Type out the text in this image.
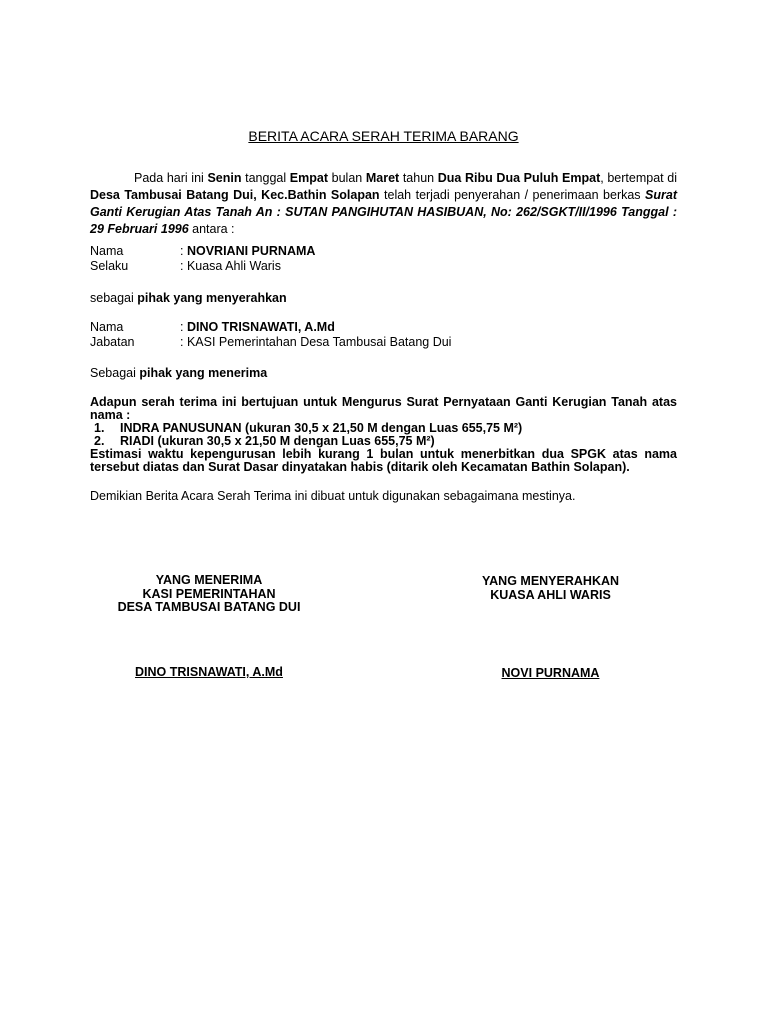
BERITA ACARA SERAH TERIMA BARANG
Pada hari ini Senin tanggal Empat bulan Maret tahun Dua Ribu Dua Puluh Empat, bertempat di Desa Tambusai Batang Dui, Kec.Bathin Solapan telah terjadi penyerahan / penerimaan berkas Surat Ganti Kerugian Atas Tanah An : SUTAN PANGIHUTAN HASIBUAN, No: 262/SGKT/II/1996 Tanggal : 29 Februari 1996 antara :
Nama	: NOVRIANI PURNAMA
Selaku	: Kuasa Ahli Waris
sebagai pihak yang menyerahkan
Nama	: DINO TRISNAWATI, A.Md
Jabatan	: KASI Pemerintahan Desa Tambusai Batang Dui
Sebagai pihak yang menerima
Adapun serah terima ini bertujuan untuk Mengurus Surat Pernyataan Ganti Kerugian Tanah atas
nama :
1. INDRA PANUSUNAN (ukuran 30,5 x 21,50 M dengan Luas 655,75 M²)
2. RIADI (ukuran 30,5 x 21,50 M dengan Luas 655,75 M²)
Estimasi waktu kepengurusan lebih kurang 1 bulan untuk menerbitkan dua SPGK atas nama
tersebut diatas dan Surat Dasar dinyatakan habis (ditarik oleh Kecamatan Bathin Solapan).
Demikian Berita Acara Serah Terima ini dibuat untuk digunakan sebagaimana mestinya.
YANG MENERIMA
KASI PEMERINTAHAN
DESA TAMBUSAI BATANG DUI
DINO TRISNAWATI, A.Md
YANG MENYERAHKAN
KUASA AHLI WARIS
NOVI PURNAMA
